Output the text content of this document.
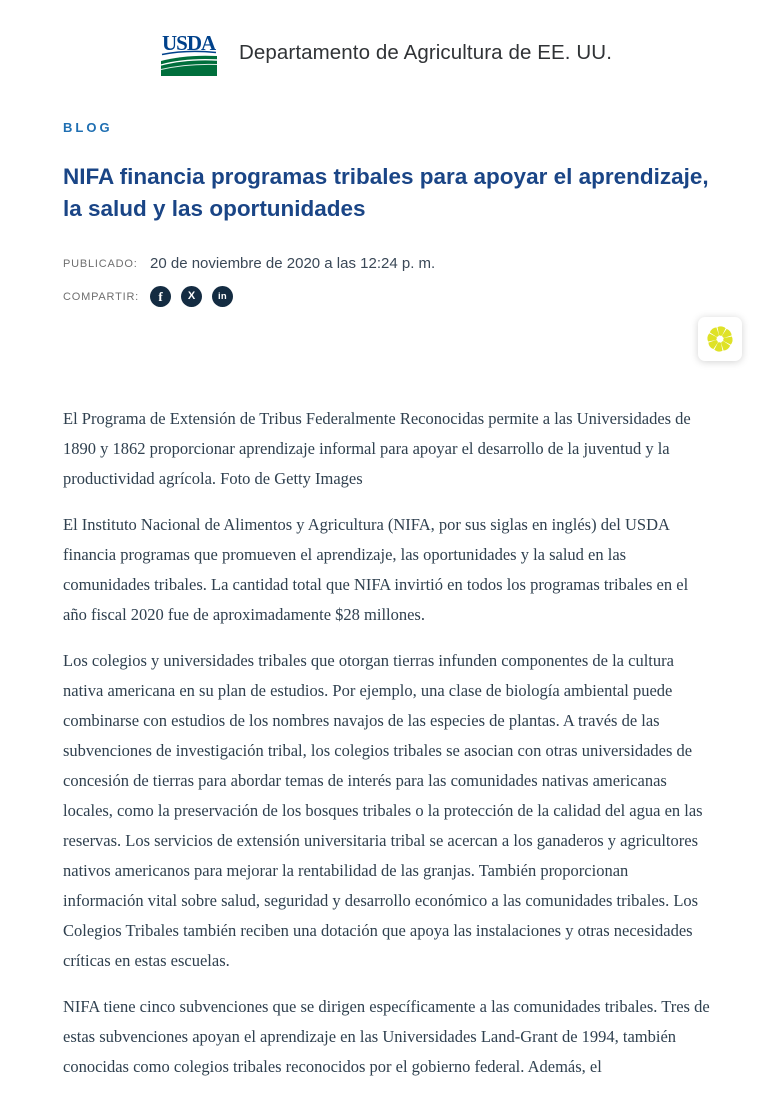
USDA Departamento de Agricultura de EE. UU.
BLOG
NIFA financia programas tribales para apoyar el aprendizaje, la salud y las oportunidades
PUBLICADO: 20 de noviembre de 2020 a las 12:24 p. m.
COMPARTIR:	f X in

El Programa de Extensión de Tribus Federalmente Reconocidas permite a las Universidades de 1890 y 1862 proporcionar aprendizaje informal para apoyar el desarrollo de la juventud y la productividad agrícola. Foto de Getty Images

El Instituto Nacional de Alimentos y Agricultura (NIFA, por sus siglas en inglés) del USDA financia programas que promueven el aprendizaje, las oportunidades y la salud en las comunidades tribales. La cantidad total que NIFA invirtió en todos los programas tribales en el año fiscal 2020 fue de aproximadamente $28 millones.

Los colegios y universidades tribales que otorgan tierras infunden componentes de la cultura nativa americana en su plan de estudios. Por ejemplo, una clase de biología ambiental puede combinarse con estudios de los nombres navajos de las especies de plantas. A través de las subvenciones de investigación tribal, los colegios tribales se asocian con otras universidades de concesión de tierras para abordar temas de interés para las comunidades nativas americanas locales, como la preservación de los bosques tribales o la protección de la calidad del agua en las reservas. Los servicios de extensión universitaria tribal se acercan a los ganaderos y agricultores nativos americanos para mejorar la rentabilidad de las granjas. También proporcionan información vital sobre salud, seguridad y desarrollo económico a las comunidades tribales. Los Colegios Tribales también reciben una dotación que apoya las instalaciones y otras necesidades críticas en estas escuelas.

NIFA tiene cinco subvenciones que se dirigen específicamente a las comunidades tribales. Tres de estas subvenciones apoyan el aprendizaje en las Universidades Land-Grant de 1994, también conocidas como colegios tribales reconocidos por el gobierno federal. Además, el
